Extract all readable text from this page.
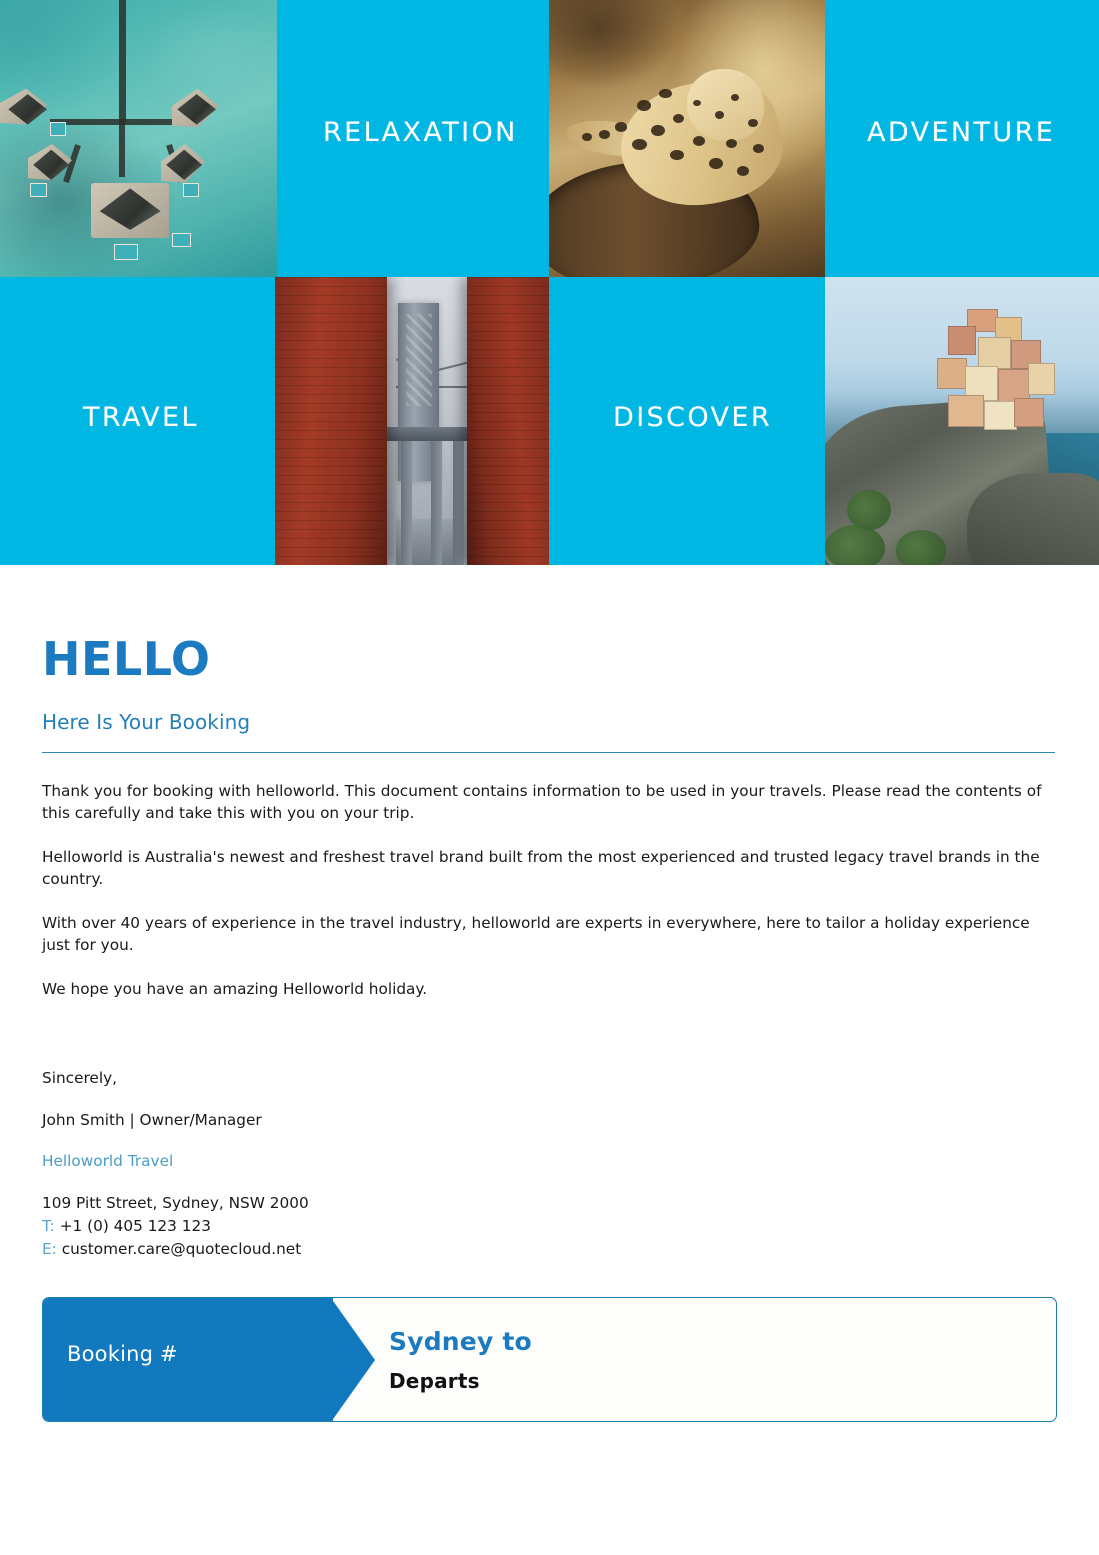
RELAXATION	ADVENTURE
TRAVEL	DISCOVER
HELLO
Here Is Your Booking

Thank you for booking with helloworld. This document contains information to be used in your travels. Please read the contents of this carefully and take this with you on your trip.

Helloworld is Australia's newest and freshest travel brand built from the most experienced and trusted legacy travel brands in the country.

With over 40 years of experience in the travel industry, helloworld are experts in everywhere, here to tailor a holiday experience just for you.

We hope you have an amazing Helloworld holiday.

Sincerely,

John Smith | Owner/Manager

Helloworld Travel

109 Pitt Street, Sydney, NSW 2000
T: +1 (0) 405 123 123
E: customer.care@quotecloud.net
Booking #	Sydney to
Departs
